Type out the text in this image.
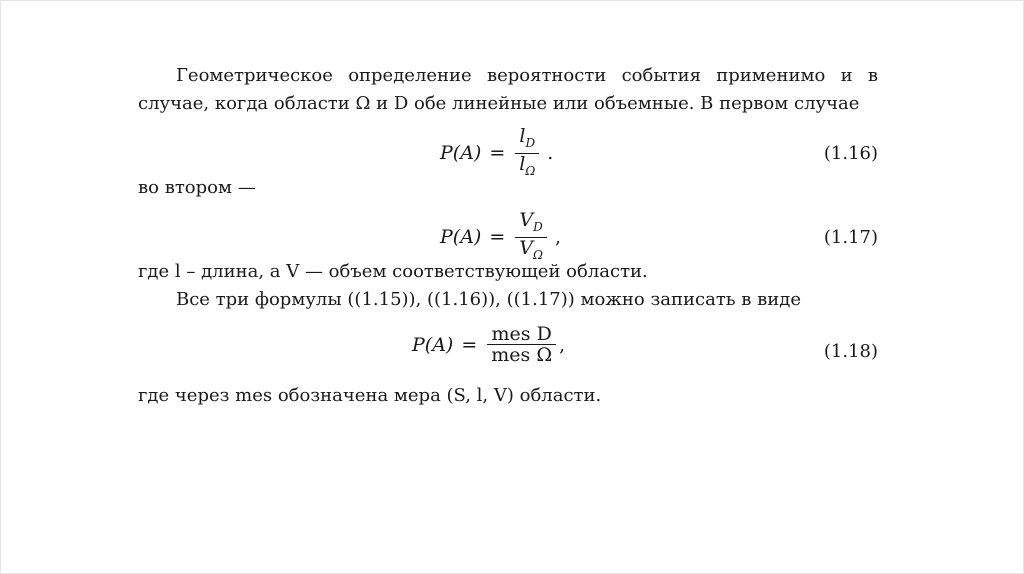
Геометрическое определение вероятности события применимо и в случае, когда области Ω и D обе линейные или объемные. В первом случае

$P(A) = \frac{l_D}{l_\Omega}$ .	(1.16)

во втором —

$P(A) = \frac{V_D}{V_\Omega}$ ,	(1.17)

где l – длина, а V — объем соответствующей области.

Все три формулы ((1.15)), ((1.16)), ((1.17)) можно записать в виде

$P(A) = \frac{\text{mes D}}{\text{mes Ω}}$ ,	(1.18)

где через mes обозначена мера (S, l, V) области.
